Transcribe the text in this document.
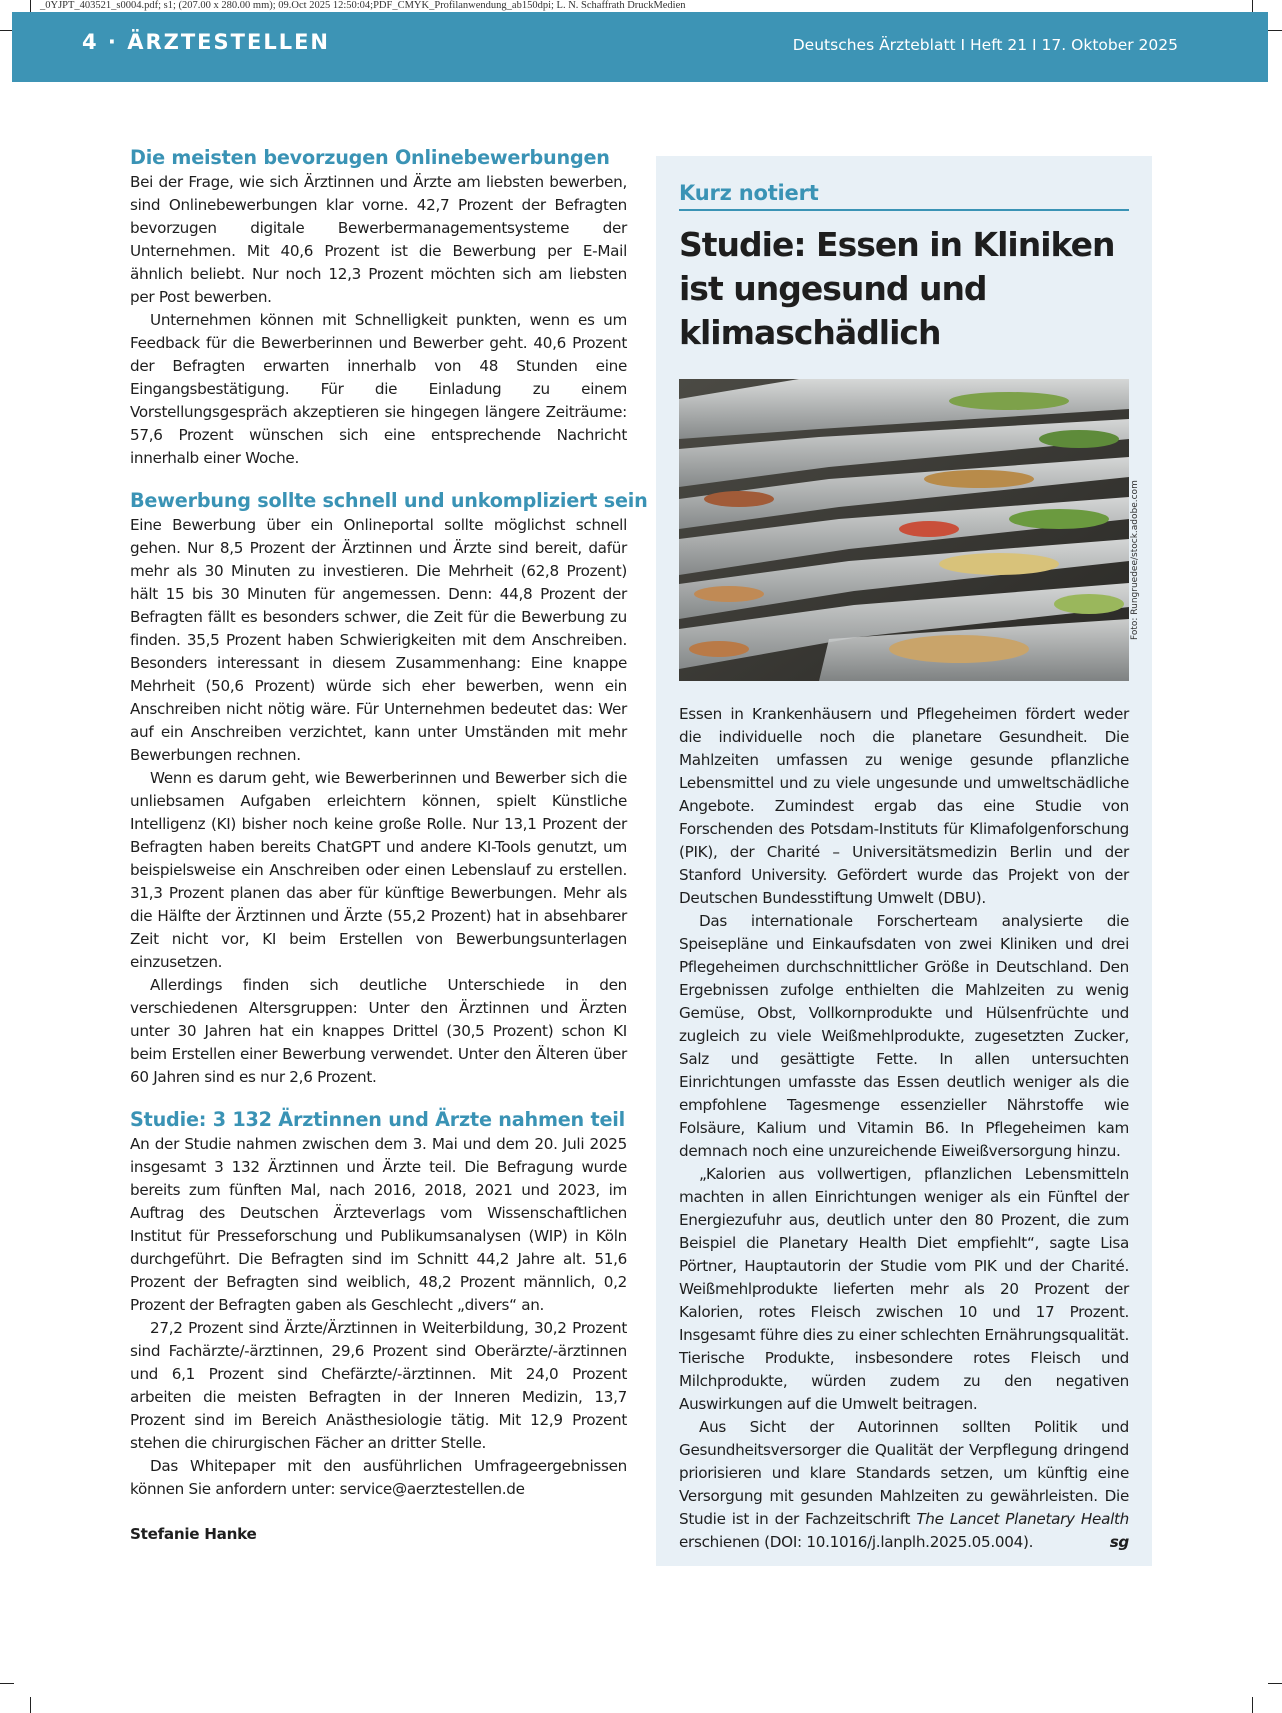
_0YJPT_403521_s0004.pdf; s1; (207.00 x 280.00 mm); 09.Oct 2025 12:50:04;PDF_CMYK_Profilanwendung_ab150dpi; L. N. Schaffrath DruckMedien
4 · ÄRZTESTELLEN	Deutsches Ärzteblatt I Heft 21 I 17. Oktober 2025
Die meisten bevorzugen Onlinebewerbungen

Bei der Frage, wie sich Ärztinnen und Ärzte am liebsten bewerben, sind Onlinebewerbungen klar vorne. 42,7 Prozent der Befragten bevorzugen digitale Bewerbermanagementsysteme der Unternehmen. Mit 40,6 Prozent ist die Bewerbung per E-Mail ähnlich beliebt. Nur noch 12,3 Prozent möchten sich am liebsten per Post bewerben.

Unternehmen können mit Schnelligkeit punkten, wenn es um Feedback für die Bewerberinnen und Bewerber geht. 40,6 Prozent der Befragten erwarten innerhalb von 48 Stunden eine Eingangsbestätigung. Für die Einladung zu einem Vorstellungsgespräch akzeptieren sie hingegen längere Zeiträume: 57,6 Prozent wünschen sich eine entsprechende Nachricht innerhalb einer Woche.

Bewerbung sollte schnell und unkompliziert sein

Eine Bewerbung über ein Onlineportal sollte möglichst schnell gehen. Nur 8,5 Prozent der Ärztinnen und Ärzte sind bereit, dafür mehr als 30 Minuten zu investieren. Die Mehrheit (62,8 Prozent) hält 15 bis 30 Minuten für angemessen. Denn: 44,8 Prozent der Befragten fällt es besonders schwer, die Zeit für die Bewerbung zu finden. 35,5 Prozent haben Schwierigkeiten mit dem Anschreiben. Besonders interessant in diesem Zusammenhang: Eine knappe Mehrheit (50,6 Prozent) würde sich eher bewerben, wenn ein Anschreiben nicht nötig wäre. Für Unternehmen bedeutet das: Wer auf ein Anschreiben verzichtet, kann unter Umständen mit mehr Bewerbungen rechnen.

Wenn es darum geht, wie Bewerberinnen und Bewerber sich die unliebsamen Aufgaben erleichtern können, spielt Künstliche Intelligenz (KI) bisher noch keine große Rolle. Nur 13,1 Prozent der Befragten haben bereits ChatGPT und andere KI-Tools genutzt, um beispielsweise ein Anschreiben oder einen Lebenslauf zu erstellen. 31,3 Prozent planen das aber für künftige Bewerbungen. Mehr als die Hälfte der Ärztinnen und Ärzte (55,2 Prozent) hat in absehbarer Zeit nicht vor, KI beim Erstellen von Bewerbungsunterlagen einzusetzen.

Allerdings finden sich deutliche Unterschiede in den verschiedenen Altersgruppen: Unter den Ärztinnen und Ärzten unter 30 Jahren hat ein knappes Drittel (30,5 Prozent) schon KI beim Erstellen einer Bewerbung verwendet. Unter den Älteren über 60 Jahren sind es nur 2,6 Prozent.

Studie: 3 132 Ärztinnen und Ärzte nahmen teil

An der Studie nahmen zwischen dem 3. Mai und dem 20. Juli 2025 insgesamt 3 132 Ärztinnen und Ärzte teil. Die Befragung wurde bereits zum fünften Mal, nach 2016, 2018, 2021 und 2023, im Auftrag des Deutschen Ärzteverlags vom Wissenschaftlichen Institut für Presseforschung und Publikumsanalysen (WIP) in Köln durchgeführt. Die Befragten sind im Schnitt 44,2 Jahre alt. 51,6 Prozent der Befragten sind weiblich, 48,2 Prozent männlich, 0,2 Prozent der Befragten gaben als Geschlecht „divers“ an.

27,2 Prozent sind Ärzte/Ärztinnen in Weiterbildung, 30,2 Prozent sind Fachärzte/-ärztinnen, 29,6 Prozent sind Oberärzte/-ärztinnen und 6,1 Prozent sind Chefärzte/-ärztinnen. Mit 24,0 Prozent arbeiten die meisten Befragten in der Inneren Medizin, 13,7 Prozent sind im Bereich Anästhesiologie tätig. Mit 12,9 Prozent stehen die chirurgischen Fächer an dritter Stelle.

Das Whitepaper mit den ausführlichen Umfrageergebnissen können Sie anfordern unter: service@aerztestellen.de

Stefanie Hanke
Kurz notiert
Studie: Essen in Kliniken ist ungesund und klimaschädlich

Essen in Krankenhäusern und Pflegeheimen fördert weder die individuelle noch die planetare Gesundheit. Die Mahlzeiten umfassen zu wenige gesunde pflanzliche Lebensmittel und zu viele ungesunde und umweltschädliche Angebote. Zumindest ergab das eine Studie von Forschenden des Potsdam-Instituts für Klimafolgenforschung (PIK), der Charité – Universitätsmedizin Berlin und der Stanford University. Gefördert wurde das Projekt von der Deutschen Bundesstiftung Umwelt (DBU).

Das internationale Forscherteam analysierte die Speisepläne und Einkaufsdaten von zwei Kliniken und drei Pflegeheimen durchschnittlicher Größe in Deutschland. Den Ergebnissen zufolge enthielten die Mahlzeiten zu wenig Gemüse, Obst, Vollkornprodukte und Hülsenfrüchte und zugleich zu viele Weißmehlprodukte, zugesetzten Zucker, Salz und gesättigte Fette. In allen untersuchten Einrichtungen umfasste das Essen deutlich weniger als die empfohlene Tagesmenge essenzieller Nährstoffe wie Folsäure, Kalium und Vitamin B6. In Pflegeheimen kam demnach noch eine unzureichende Eiweißversorgung hinzu.

„Kalorien aus vollwertigen, pflanzlichen Lebensmitteln machten in allen Einrichtungen weniger als ein Fünftel der Energiezufuhr aus, deutlich unter den 80 Prozent, die zum Beispiel die Planetary Health Diet empfiehlt“, sagte Lisa Pörtner, Hauptautorin der Studie vom PIK und der Charité. Weißmehlprodukte lieferten mehr als 20 Prozent der Kalorien, rotes Fleisch zwischen 10 und 17 Prozent. Insgesamt führe dies zu einer schlechten Ernährungsqualität. Tierische Produkte, insbesondere rotes Fleisch und Milchprodukte, würden zudem zu den negativen Auswirkungen auf die Umwelt beitragen.

Aus Sicht der Autorinnen sollten Politik und Gesundheitsversorger die Qualität der Verpflegung dringend priorisieren und klare Standards setzen, um künftig eine Versorgung mit gesunden Mahlzeiten zu gewährleisten. Die Studie ist in der Fachzeitschrift The Lancet Planetary Health erschienen (DOI: 10.1016/j.lanplh.2025.05.004).	sg

Foto: Rungruedee/stock.adobe.com
